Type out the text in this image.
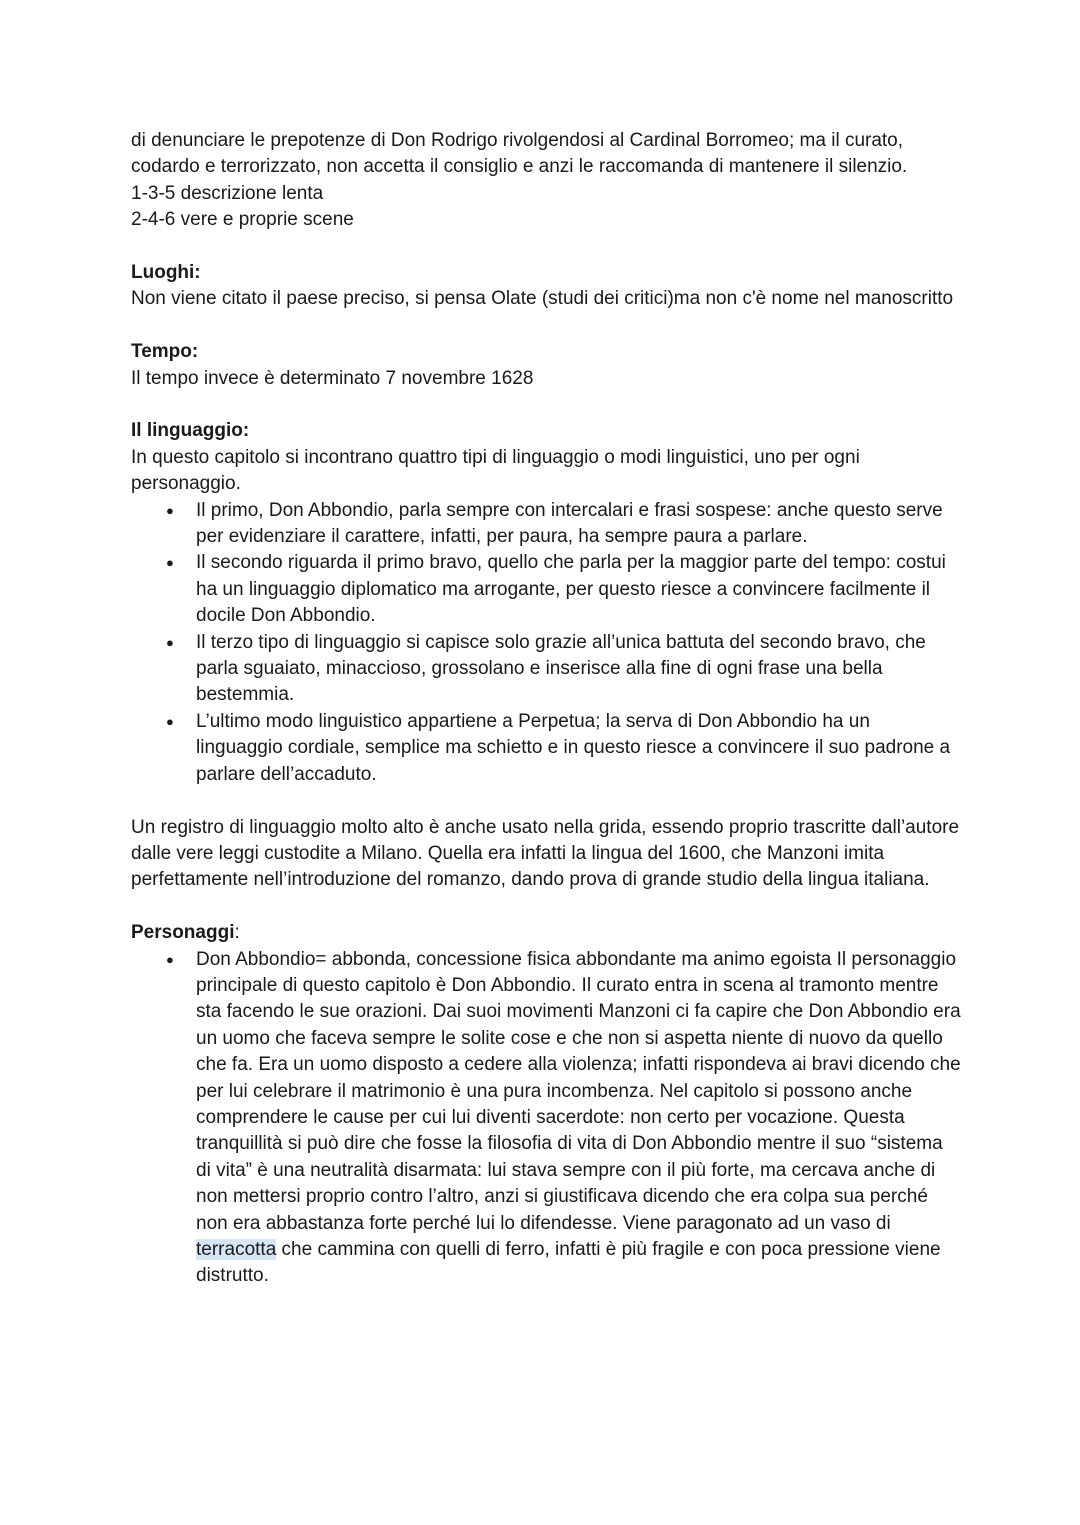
di denunciare le prepotenze di Don Rodrigo rivolgendosi al Cardinal Borromeo; ma il curato, codardo e terrorizzato, non accetta il consiglio e anzi le raccomanda di mantenere il silenzio.

1-3-5 descrizione lenta

2-4-6 vere e proprie scene

Luoghi:

Non viene citato il paese preciso, si pensa Olate (studi dei critici)ma non c'è nome nel manoscritto

Tempo:

Il tempo invece è determinato 7 novembre 1628

Il linguaggio:

In questo capitolo si incontrano quattro tipi di linguaggio o modi linguistici, uno per ogni personaggio.

● Il primo, Don Abbondio, parla sempre con intercalari e frasi sospese: anche questo serve per evidenziare il carattere, infatti, per paura, ha sempre paura a parlare.
● Il secondo riguarda il primo bravo, quello che parla per la maggior parte del tempo: costui ha un linguaggio diplomatico ma arrogante, per questo riesce a convincere facilmente il docile Don Abbondio.
● Il terzo tipo di linguaggio si capisce solo grazie all’unica battuta del secondo bravo, che parla sguaiato, minaccioso, grossolano e inserisce alla fine di ogni frase una bella bestemmia.
● L’ultimo modo linguistico appartiene a Perpetua; la serva di Don Abbondio ha un linguaggio cordiale, semplice ma schietto e in questo riesce a convincere il suo padrone a parlare dell’accaduto.

Un registro di linguaggio molto alto è anche usato nella grida, essendo proprio trascritte dall’autore dalle vere leggi custodite a Milano. Quella era infatti la lingua del 1600, che Manzoni imita perfettamente nell’introduzione del romanzo, dando prova di grande studio della lingua italiana.

Personaggi:

● Don Abbondio= abbonda, concessione fisica abbondante ma animo egoista Il personaggio principale di questo capitolo è Don Abbondio. Il curato entra in scena al tramonto mentre sta facendo le sue orazioni. Dai suoi movimenti Manzoni ci fa capire che Don Abbondio era un uomo che faceva sempre le solite cose e che non si aspetta niente di nuovo da quello che fa. Era un uomo disposto a cedere alla violenza; infatti rispondeva ai bravi dicendo che per lui celebrare il matrimonio è una pura incombenza. Nel capitolo si possono anche comprendere le cause per cui lui diventi sacerdote: non certo per vocazione. Questa tranquillità si può dire che fosse la filosofia di vita di Don Abbondio mentre il suo “sistema di vita” è una neutralità disarmata: lui stava sempre con il più forte, ma cercava anche di non mettersi proprio contro l’altro, anzi si giustificava dicendo che era colpa sua perché non era abbastanza forte perché lui lo difendesse. Viene paragonato ad un vaso di terracotta che cammina con quelli di ferro, infatti è più fragile e con poca pressione viene distrutto.
